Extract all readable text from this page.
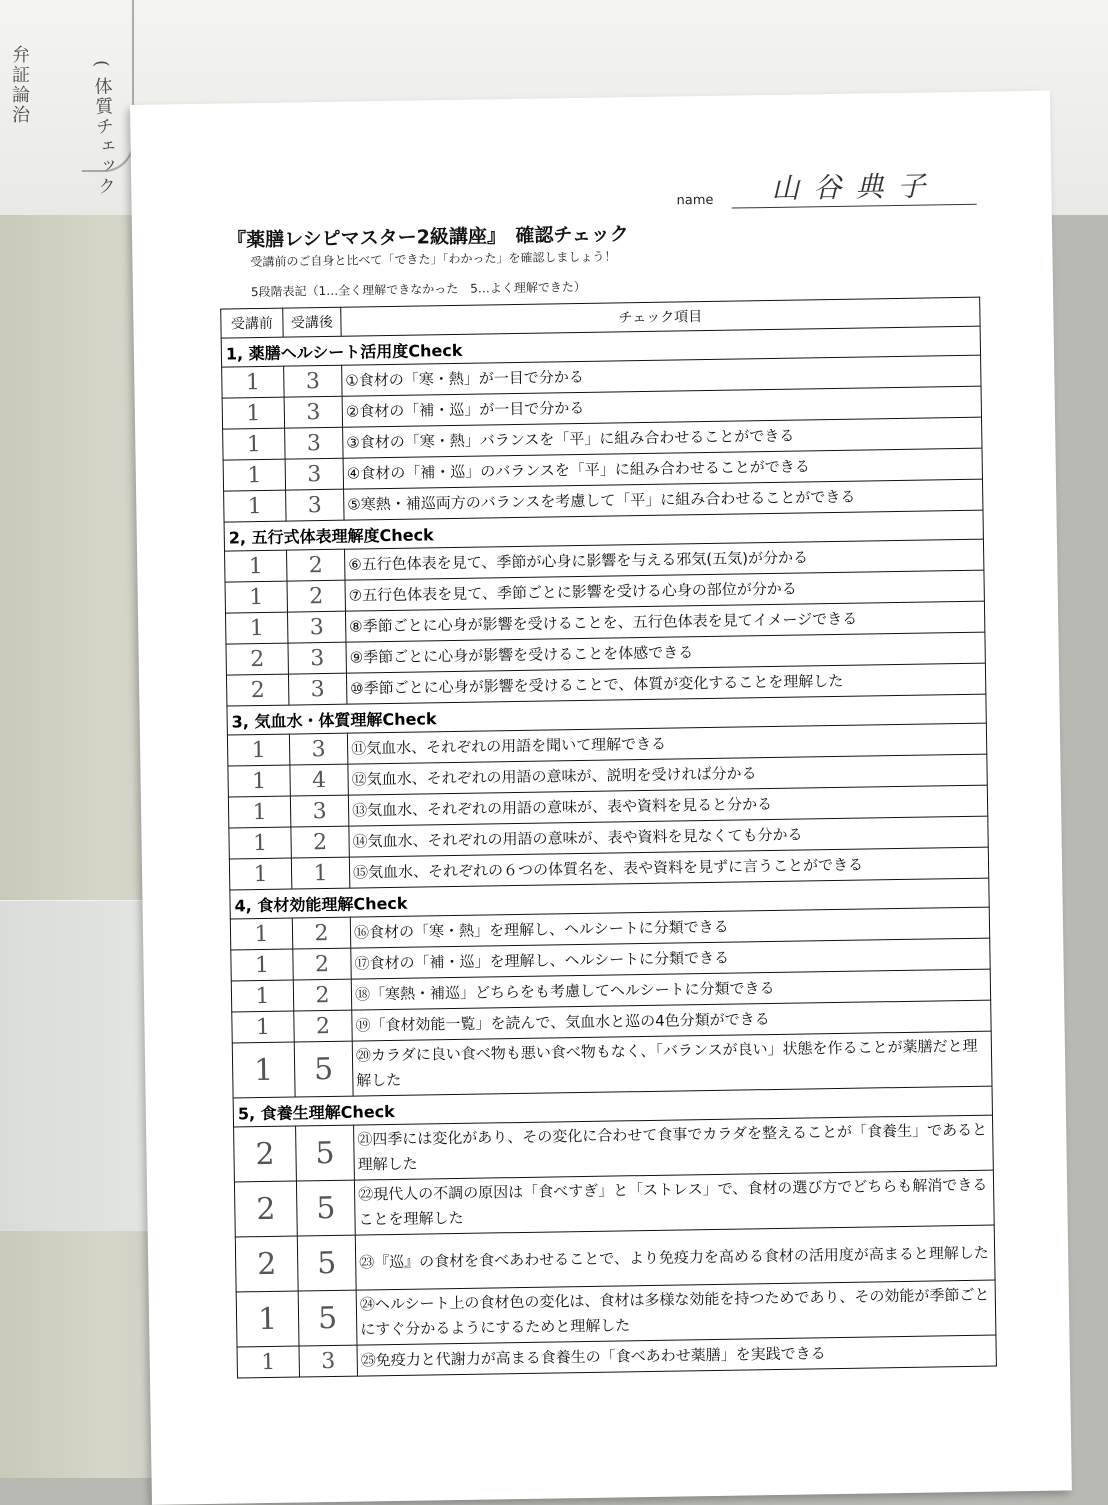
弁証論治	( 体質チェック
name 山谷典子
『薬膳レシピマスター2級講座』　確認チェック
受講前のご自身と比べて「できた」「わかった」を確認しましょう！
5段階表記（1…全く理解できなかった　5…よく理解できた）
受講前	受講後	チェック項目
1, 薬膳ヘルシート活用度Check		
1	3	①食材の「寒・熱」が一目で分かる
1	3	②食材の「補・巡」が一目で分かる
1	3	③食材の「寒・熱」バランスを「平」に組み合わせることができる
1	3	④食材の「補・巡」のバランスを「平」に組み合わせることができる
1	3	⑤寒熱・補巡両方のバランスを考慮して「平」に組み合わせることができる
2, 五行式体表理解度Check		
1	2	⑥五行色体表を見て、季節が心身に影響を与える邪気(五気)が分かる
1	2	⑦五行色体表を見て、季節ごとに影響を受ける心身の部位が分かる
1	3	⑧季節ごとに心身が影響を受けることを、五行色体表を見てイメージできる
2	3	⑨季節ごとに心身が影響を受けることを体感できる
2	3	⑩季節ごとに心身が影響を受けることで、体質が変化することを理解した
3, 気血水・体質理解Check		
1	3	⑪気血水、それぞれの用語を聞いて理解できる
1	4	⑫気血水、それぞれの用語の意味が、説明を受ければ分かる
1	3	⑬気血水、それぞれの用語の意味が、表や資料を見ると分かる
1	2	⑭気血水、それぞれの用語の意味が、表や資料を見なくても分かる
1	1	⑮気血水、それぞれの６つの体質名を、表や資料を見ずに言うことができる
4, 食材効能理解Check		
1	2	⑯食材の「寒・熱」を理解し、ヘルシートに分類できる
1	2	⑰食材の「補・巡」を理解し、ヘルシートに分類できる
1	2	⑱「寒熱・補巡」どちらをも考慮してヘルシートに分類できる
1	2	⑲「食材効能一覧」を読んで、気血水と巡の4色分類ができる
1	5	⑳カラダに良い食べ物も悪い食べ物もなく、「バランスが良い」状態を作ることが薬膳だと理解した
5, 食養生理解Check		
2	5	㉑四季には変化があり、その変化に合わせて食事でカラダを整えることが「食養生」であると理解した
2	5	㉒現代人の不調の原因は「食べすぎ」と「ストレス」で、食材の選び方でどちらも解消できることを理解した
2	5	㉓『巡』の食材を食べあわせることで、より免疫力を高める食材の活用度が高まると理解した
1	5	㉔ヘルシート上の食材色の変化は、食材は多様な効能を持つためであり、その効能が季節ごとにすぐ分かるようにするためと理解した
1	3	㉕免疫力と代謝力が高まる食養生の「食べあわせ薬膳」を実践できる
